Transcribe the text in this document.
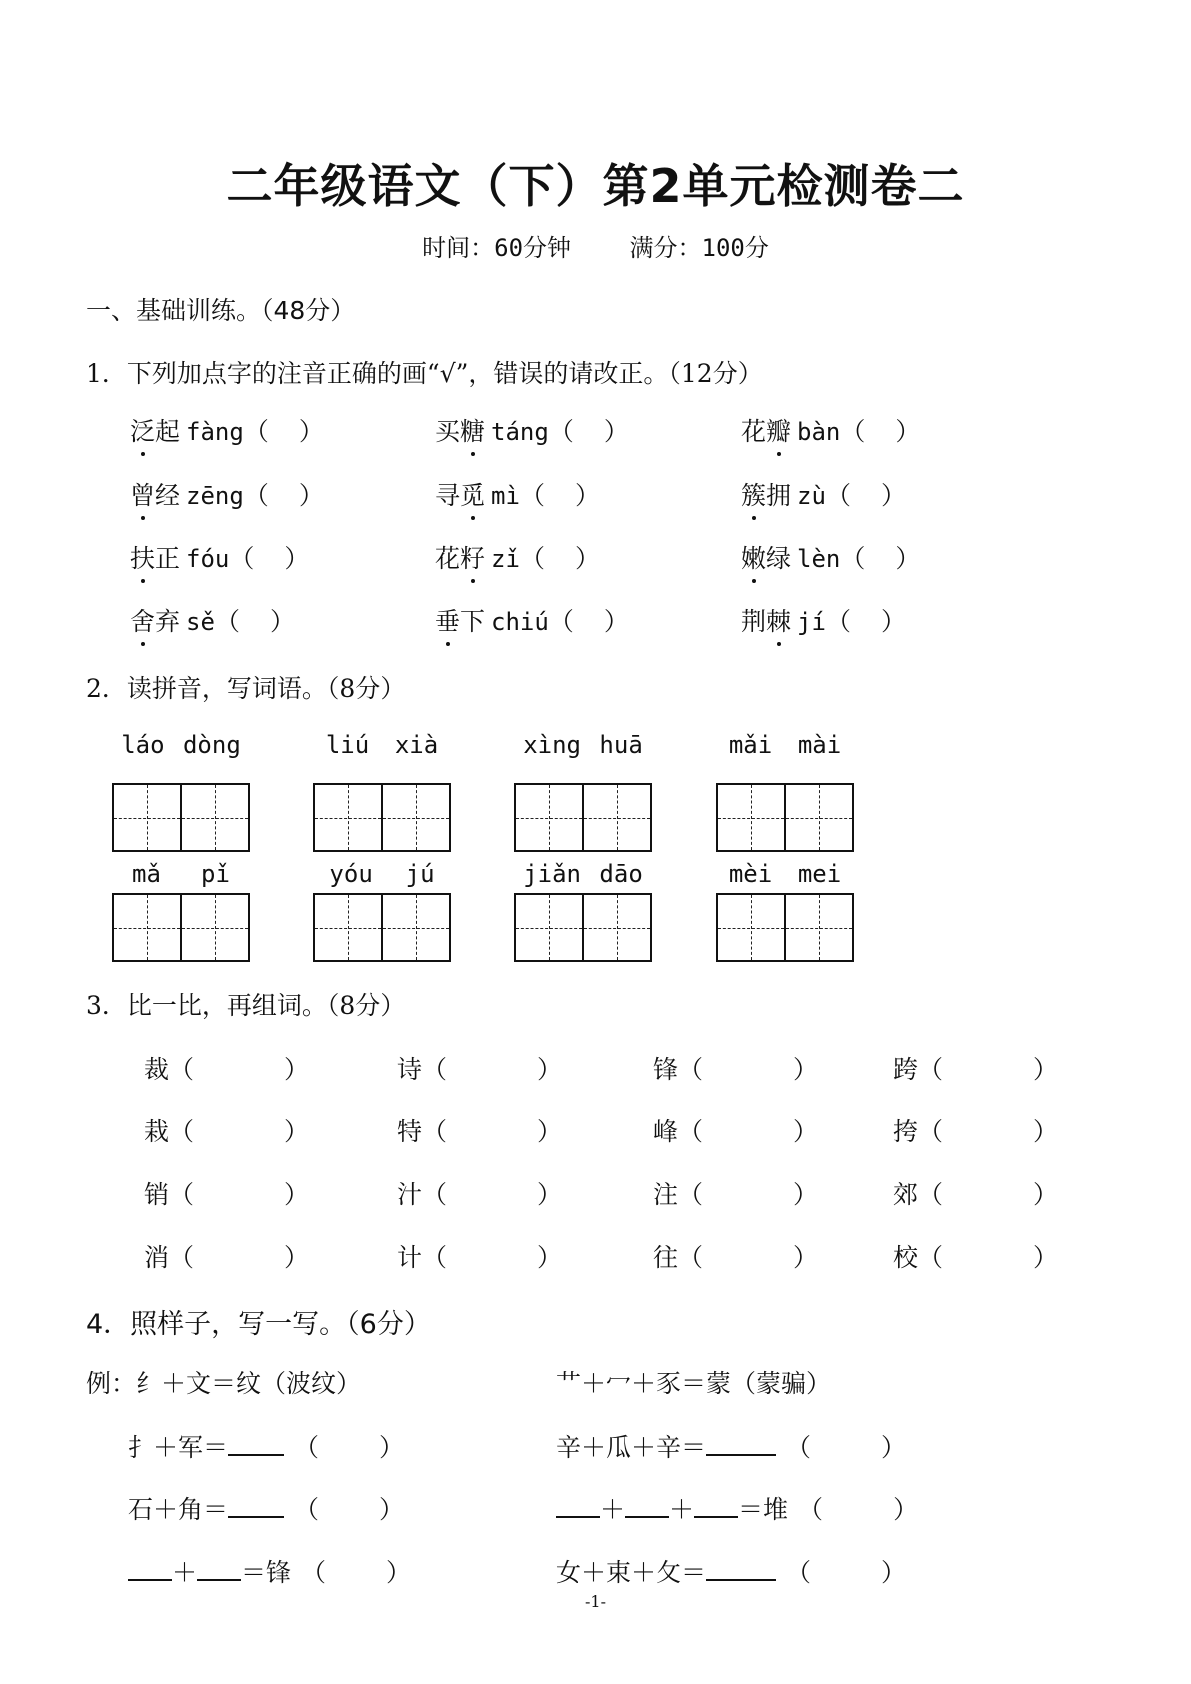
二年级语文（下）第2单元检测卷二
时间：60分钟 满分：100分
一、基础训练。（48分）
1．下列加点字的注音正确的画“√”，错误的请改正。（12分）
泛起 fàng（ ）	买糖 táng（ ）	花瓣 bàn（ ）
曾经 zēng（ ）	寻觅 mì（ ）	簇拥 zù（ ）
扶正 fóu（ ）	花籽 zǐ（ ）	嫩绿 lèn（ ）
舍弃 sě（ ）	垂下 chiú（ ）	荆棘 jí（ ）
2．读拼音，写词语。（8分）
láo dòng	liú xià	xìng huā	mǎi mài
mǎ pǐ	yóu jú	jiǎn dāo	mèi mei
3．比一比，再组词。（8分）
裁（	）	诗（	）	锋（	）	跨（	）
栽（	）	特（	）	峰（	）	挎（	）
销（	）	汁（	）	注（	）	郊（	）
消（	）	计（	）	往（	）	校（	）
4．照样子，写一写。（6分）
例：纟＋文＝纹（波纹）	艹＋冖＋豕＝蒙（蒙骗）
扌＋军＝	（ ）	辛＋瓜＋辛＝	（	）
石＋角＝	（ ）	＋ ＋ ＝堆 （	）
＋ ＝锋 （ ）	女＋束＋攵＝	（	）
-1-
